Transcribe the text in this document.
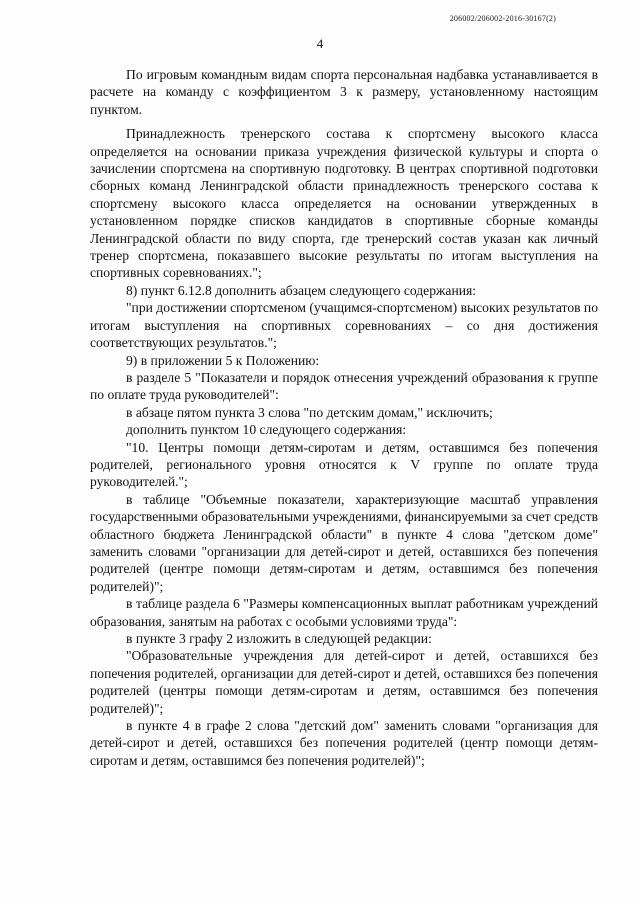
206002/206002-2016-30167(2)
4

По игровым командным видам спорта персональная надбавка устанавливается в расчете на команду с коэффициентом 3 к размеру, установленному настоящим пунктом.

Принадлежность тренерского состава к спортсмену высокого класса определяется на основании приказа учреждения физической культуры и спорта о зачислении спортсмена на спортивную подготовку. В центрах спортивной подготовки сборных команд Ленинградской области принадлежность тренерского состава к спортсмену высокого класса определяется на основании утвержденных в установленном порядке списков кандидатов в спортивные сборные команды Ленинградской области по виду спорта, где тренерский состав указан как личный тренер спортсмена, показавшего высокие результаты по итогам выступления на спортивных соревнованиях.";

8) пункт 6.12.8 дополнить абзацем следующего содержания:

"при достижении спортсменом (учащимся-спортсменом) высоких результатов по итогам выступления на спортивных соревнованиях – со дня достижения соответствующих результатов.";

9) в приложении 5 к Положению:

в разделе 5 "Показатели и порядок отнесения учреждений образования к группе по оплате труда руководителей":

в абзаце пятом пункта 3 слова "по детским домам," исключить;

дополнить пунктом 10 следующего содержания:

"10. Центры помощи детям-сиротам и детям, оставшимся без попечения родителей, регионального уровня относятся к V группе по оплате труда руководителей.";

в таблице "Объемные показатели, характеризующие масштаб управления государственными образовательными учреждениями, финансируемыми за счет средств областного бюджета Ленинградской области" в пункте 4 слова "детском доме" заменить словами "организации для детей-сирот и детей, оставшихся без попечения родителей (центре помощи детям-сиротам и детям, оставшимся без попечения родителей)";

в таблице раздела 6 "Размеры компенсационных выплат работникам учреждений образования, занятым на работах с особыми условиями труда":

в пункте 3 графу 2 изложить в следующей редакции:

"Образовательные учреждения для детей-сирот и детей, оставшихся без попечения родителей, организации для детей-сирот и детей, оставшихся без попечения родителей (центры помощи детям-сиротам и детям, оставшимся без попечения родителей)";

в пункте 4 в графе 2 слова "детский дом" заменить словами "организация для детей-сирот и детей, оставшихся без попечения родителей (центр помощи детям-сиротам и детям, оставшимся без попечения родителей)";
